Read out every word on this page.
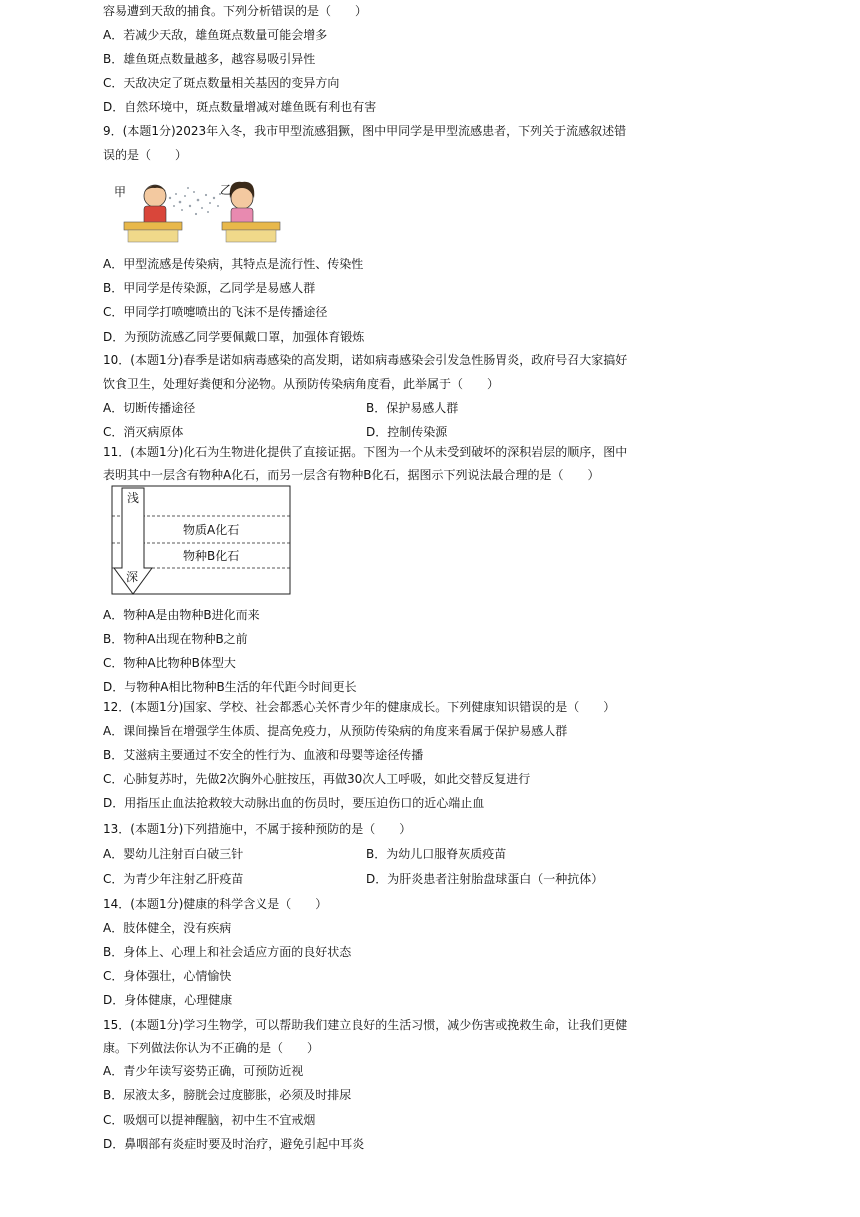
容易遭到天敌的捕食。下列分析错误的是（　　）
A．若减少天敌，雄鱼斑点数量可能会增多
B．雄鱼斑点数量越多，越容易吸引异性
C．天敌决定了斑点数量相关基因的变异方向
D．自然环境中，斑点数量增减对雄鱼既有利也有害
9．(本题1分)2023年入冬，我市甲型流感猖獗，图中甲同学是甲型流感患者，下列关于流感叙述错
误的是（　　）
甲	乙
A．甲型流感是传染病，其特点是流行性、传染性
B．甲同学是传染源，乙同学是易感人群
C．甲同学打喷嚏喷出的飞沫不是传播途径
D．为预防流感乙同学要佩戴口罩，加强体育锻炼
10．(本题1分)春季是诺如病毒感染的高发期，诺如病毒感染会引发急性肠胃炎，政府号召大家搞好
饮食卫生，处理好粪便和分泌物。从预防传染病角度看，此举属于（　　）
A．切断传播途径	B．保护易感人群
C．消灭病原体	D．控制传染源
11．(本题1分)化石为生物进化提供了直接证据。下图为一个从未受到破坏的深积岩层的顺序，图中
表明其中一层含有物种A化石，而另一层含有物种B化石，据图示下列说法最合理的是（　　）
浅
深
物质A化石
物种B化石
A．物种A是由物种B进化而来
B．物种A出现在物种B之前
C．物种A比物种B体型大
D．与物种A相比物种B生活的年代距今时间更长
12．(本题1分)国家、学校、社会都悉心关怀青少年的健康成长。下列健康知识错误的是（　　）
A．课间操旨在增强学生体质、提高免疫力，从预防传染病的角度来看属于保护易感人群
B．艾滋病主要通过不安全的性行为、血液和母婴等途径传播
C．心肺复苏时，先做2次胸外心脏按压，再做30次人工呼吸，如此交替反复进行
D．用指压止血法抢救较大动脉出血的伤员时，要压迫伤口的近心端止血
13．(本题1分)下列措施中，不属于接种预防的是（　　）
A．婴幼儿注射百白破三针	B．为幼儿口服脊灰质疫苗
C．为青少年注射乙肝疫苗	D．为肝炎患者注射胎盘球蛋白（一种抗体）
14．(本题1分)健康的科学含义是（　　）
A．肢体健全，没有疾病
B．身体上、心理上和社会适应方面的良好状态
C．身体强壮，心情愉快
D．身体健康，心理健康
15．(本题1分)学习生物学，可以帮助我们建立良好的生活习惯，减少伤害或挽救生命，让我们更健
康。下列做法你认为不正确的是（　　）
A．青少年读写姿势正确，可预防近视
B．尿液太多，膀胱会过度膨胀，必须及时排尿
C．吸烟可以提神醒脑，初中生不宜戒烟
D．鼻咽部有炎症时要及时治疗，避免引起中耳炎
